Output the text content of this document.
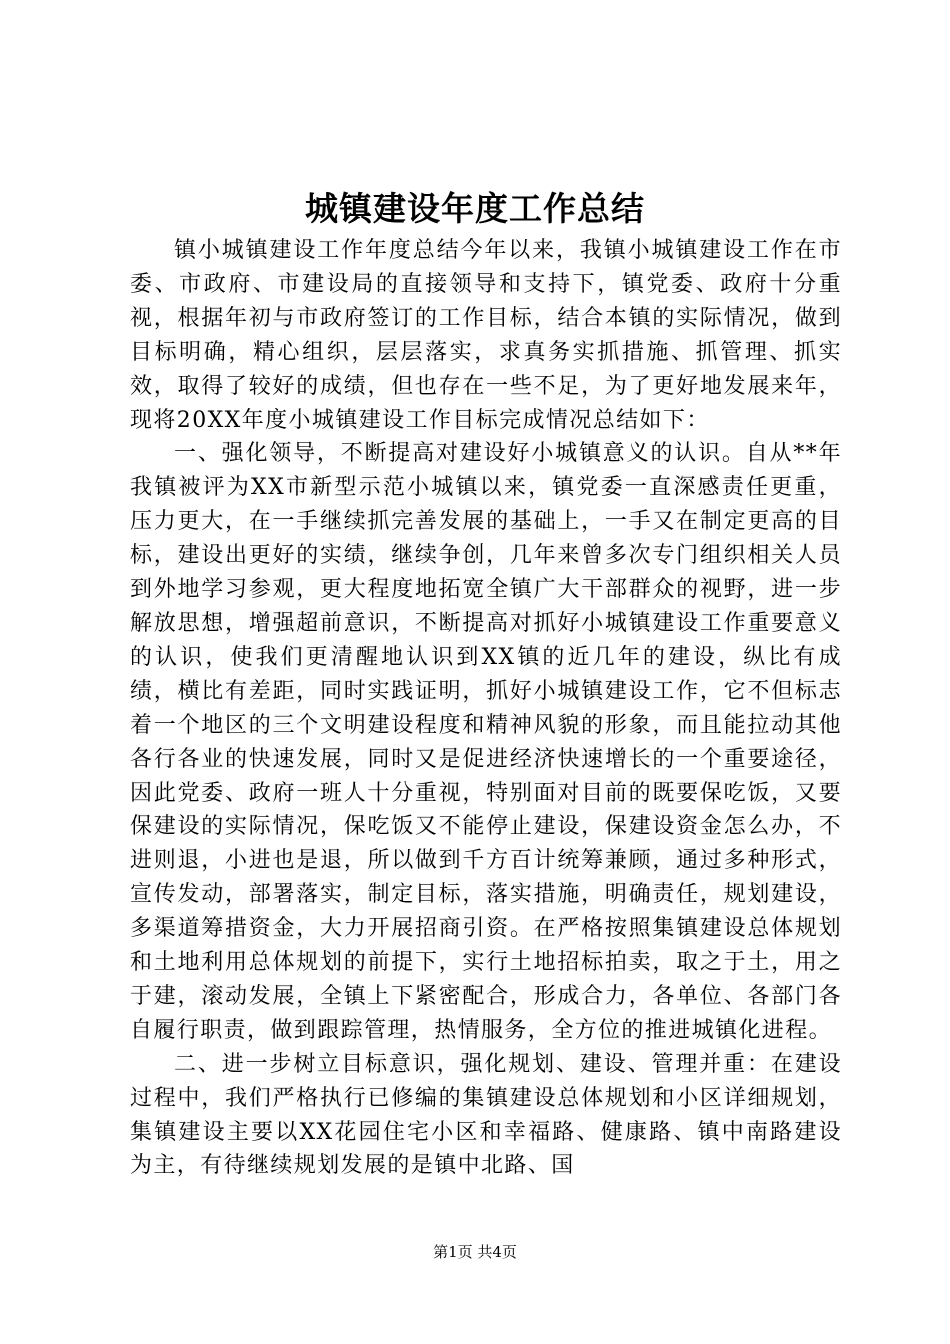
城镇建设年度工作总结

镇小城镇建设工作年度总结今年以来，我镇小城镇建设工作在市委、市政府、市建设局的直接领导和支持下，镇党委、政府十分重视，根据年初与市政府签订的工作目标，结合本镇的实际情况，做到目标明确，精心组织，层层落实，求真务实抓措施、抓管理、抓实效，取得了较好的成绩，但也存在一些不足，为了更好地发展来年，现将20XX年度小城镇建设工作目标完成情况总结如下：

一、强化领导，不断提高对建设好小城镇意义的认识。自从**年我镇被评为XX市新型示范小城镇以来，镇党委一直深感责任更重，压力更大，在一手继续抓完善发展的基础上，一手又在制定更高的目标，建设出更好的实绩，继续争创，几年来曾多次专门组织相关人员到外地学习参观，更大程度地拓宽全镇广大干部群众的视野，进一步解放思想，增强超前意识，不断提高对抓好小城镇建设工作重要意义的认识，使我们更清醒地认识到XX镇的近几年的建设，纵比有成绩，横比有差距，同时实践证明，抓好小城镇建设工作，它不但标志着一个地区的三个文明建设程度和精神风貌的形象，而且能拉动其他各行各业的快速发展，同时又是促进经济快速增长的一个重要途径，因此党委、政府一班人十分重视，特别面对目前的既要保吃饭，又要保建设的实际情况，保吃饭又不能停止建设，保建设资金怎么办，不进则退，小进也是退，所以做到千方百计统筹兼顾，通过多种形式，宣传发动，部署落实，制定目标，落实措施，明确责任，规划建设，多渠道筹措资金，大力开展招商引资。在严格按照集镇建设总体规划和土地利用总体规划的前提下，实行土地招标拍卖，取之于土，用之于建，滚动发展，全镇上下紧密配合，形成合力，各单位、各部门各自履行职责，做到跟踪管理，热情服务，全方位的推进城镇化进程。

二、进一步树立目标意识，强化规划、建设、管理并重：在建设过程中，我们严格执行已修编的集镇建设总体规划和小区详细规划，集镇建设主要以XX花园住宅小区和幸福路、健康路、镇中南路建设为主，有待继续规划发展的是镇中北路、国

第1页 共4页
